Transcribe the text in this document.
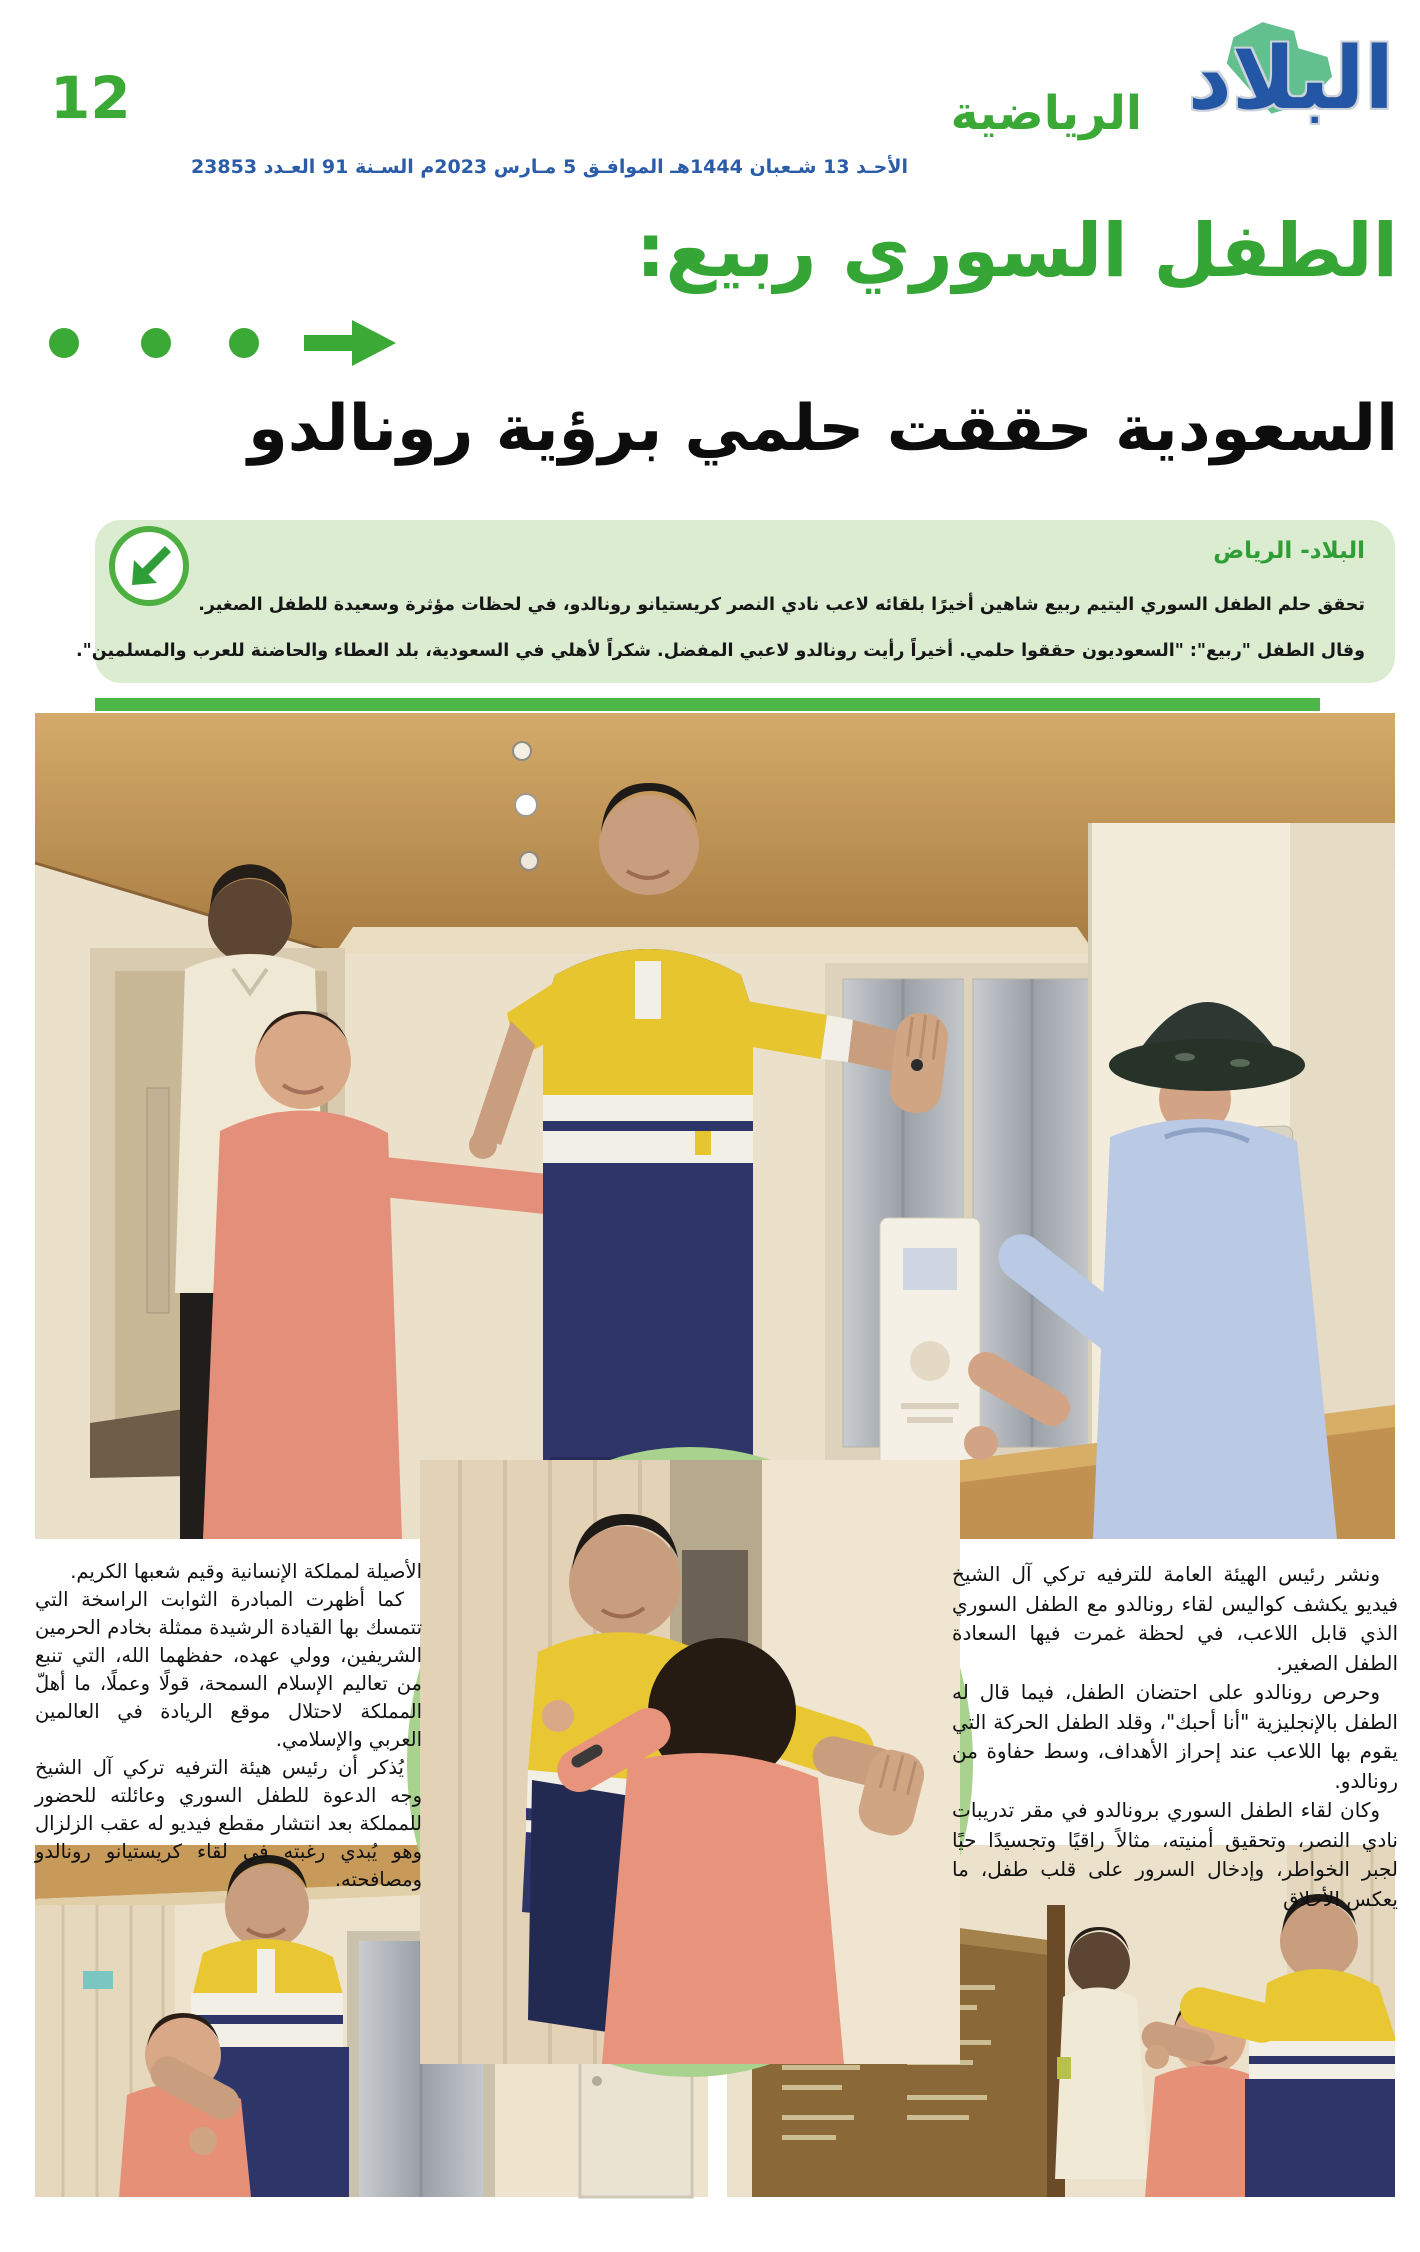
12	البلاد
الرياضية
الأحـد 13 شـعبان 1444هـ الموافـق 5 مـارس 2023م السـنة 91 العـدد 23853
الطفل السوري ربيع:
السعودية حققت حلمي برؤية رونالدو
البلاد- الرياض

تحقق حلم الطفل السوري اليتيم ربيع شاهين أخيرًا بلقائه لاعب نادي النصر كريستيانو رونالدو، في لحظات مؤثرة وسعيدة للطفل الصغير.

وقال الطفل "ربيع": "السعوديون حققوا حلمي. أخيراً رأيت رونالدو لاعبي المفضل. شكراً لأهلي في السعودية، بلد العطاء والحاضنة للعرب والمسلمين".

ونشر رئيس الهيئة العامة للترفيه تركي آل الشيخ فيديو يكشف كواليس لقاء رونالدو مع الطفل السوري الذي قابل اللاعب، في لحظة غمرت فيها السعادة الطفل الصغير.

وحرص رونالدو على احتضان الطفل، فيما قال له الطفل بالإنجليزية "أنا أحبك"، وقلد الطفل الحركة التي يقوم بها اللاعب عند إحراز الأهداف، وسط حفاوة من رونالدو.

وكان لقاء الطفل السوري برونالدو في مقر تدريبات نادي النصر، وتحقيق أمنيته، مثالاً راقيًا وتجسيدًا حيًا لجبر الخواطر، وإدخال السرور على قلب طفل، ما يعكس الأخلاق

الأصيلة لمملكة الإنسانية وقيم شعبها الكريم.

كما أظهرت المبادرة الثوابت الراسخة التي تتمسك بها القيادة الرشيدة ممثلة بخادم الحرمين الشريفين، وولي عهده، حفظهما الله، التي تنبع من تعاليم الإسلام السمحة، قولًا وعملًا، ما أهلّ المملكة لاحتلال موقع الريادة في العالمين العربي والإسلامي.

يُذكر أن رئيس هيئة الترفيه تركي آل الشيخ وجه الدعوة للطفل السوري وعائلته للحضور للمملكة بعد انتشار مقطع فيديو له عقب الزلزال وهو يُبدي رغبته في لقاء كريستيانو رونالدو ومصافحته.
